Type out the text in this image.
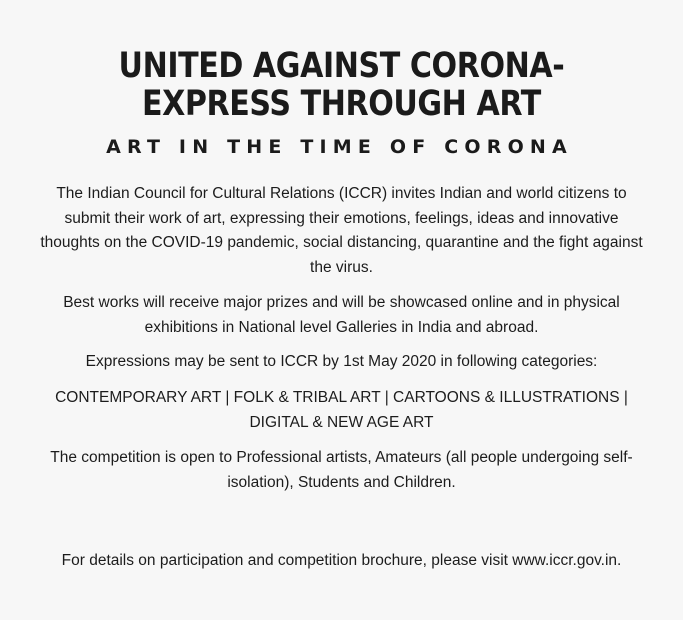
UNITED AGAINST CORONA-
EXPRESS THROUGH ART
ART IN THE TIME OF CORONA

The Indian Council for Cultural Relations (ICCR) invites Indian and world citizens to submit their work of art, expressing their emotions, feelings, ideas and innovative thoughts on the COVID-19 pandemic, social distancing, quarantine and the fight against the virus.

Best works will receive major prizes and will be showcased online and in physical exhibitions in National level Galleries in India and abroad.

Expressions may be sent to ICCR by 1st May 2020 in following categories:

CONTEMPORARY ART | FOLK & TRIBAL ART | CARTOONS & ILLUSTRATIONS | DIGITAL & NEW AGE ART

The competition is open to Professional artists, Amateurs (all people undergoing self-isolation), Students and Children.

For details on participation and competition brochure, please visit www.iccr.gov.in.
